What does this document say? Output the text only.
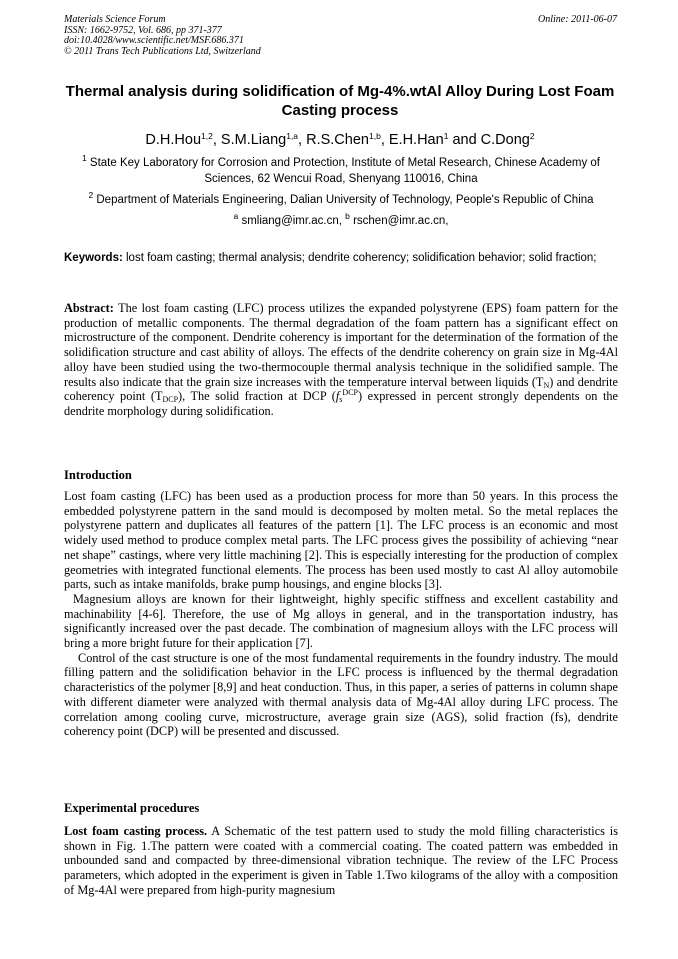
Materials Science Forum
ISSN: 1662-9752, Vol. 686, pp 371-377
doi:10.4028/www.scientific.net/MSF.686.371
© 2011 Trans Tech Publications Ltd, Switzerland
Online: 2011-06-07
Thermal analysis during solidification of Mg-4%.wtAl Alloy During Lost Foam Casting process
D.H.Hou$^{1,2}$, S.M.Liang$^{1,a}$, R.S.Chen$^{1,b}$, E.H.Han$^1$ and C.Dong$^2$
$^1$ State Key Laboratory for Corrosion and Protection, Institute of Metal Research, Chinese Academy of Sciences, 62 Wencui Road, Shenyang 110016, China
$^2$ Department of Materials Engineering, Dalian University of Technology, People's Republic of China
$^a$ smliang@imr.ac.cn, $^b$ rschen@imr.ac.cn,
Keywords: lost foam casting; thermal analysis; dendrite coherency; solidification behavior; solid fraction;
Abstract: The lost foam casting (LFC) process utilizes the expanded polystyrene (EPS) foam pattern for the production of metallic components. The thermal degradation of the foam pattern has a significant effect on microstructure of the component. Dendrite coherency is important for the determination of the formation of the solidification structure and cast ability of alloys. The effects of the dendrite coherency on grain size in Mg-4Al alloy have been studied using the two-thermocouple thermal analysis technique in the solidified sample. The results also indicate that the grain size increases with the temperature interval between liquids $(T_N)$ and dendrite coherency point $(T_{DCP})$, The solid fraction at DCP $(f_s^{DCP})$ expressed in percent strongly dependents on the dendrite morphology during solidification.
Introduction

Lost foam casting (LFC) has been used as a production process for more than 50 years. In this process the embedded polystyrene pattern in the sand mould is decomposed by molten metal. So the metal replaces the polystyrene pattern and duplicates all features of the pattern [1]. The LFC process is an economic and most widely used method to produce complex metal parts. The LFC process gives the possibility of achieving “near net shape” castings, where very little machining [2]. This is especially interesting for the production of complex geometries with integrated functional elements. The process has been used mostly to cast Al alloy automobile parts, such as intake manifolds, brake pump housings, and engine blocks [3].

Magnesium alloys are known for their lightweight, highly specific stiffness and excellent castability and machinability [4-6]. Therefore, the use of Mg alloys in general, and in the transportation industry, has significantly increased over the past decade. The combination of magnesium alloys with the LFC process will bring a more bright future for their application [7].

Control of the cast structure is one of the most fundamental requirements in the foundry industry. The mould filling pattern and the solidification behavior in the LFC process is influenced by the thermal degradation characteristics of the polymer [8,9] and heat conduction. Thus, in this paper, a series of patterns in column shape with different diameter were analyzed with thermal analysis data of Mg-4Al alloy during LFC process. The correlation among cooling curve, microstructure, average grain size (AGS), solid fraction (fs), dendrite coherency point (DCP) will be presented and discussed.

Experimental procedures
Lost foam casting process. A Schematic of the test pattern used to study the mold filling characteristics is shown in Fig. 1.The pattern were coated with a commercial coating. The coated pattern was embedded in unbounded sand and compacted by three-dimensional vibration technique. The review of the LFC Process parameters, which adopted in the experiment is given in Table 1.Two kilograms of the alloy with a composition of Mg-4Al were prepared from high-purity magnesium
